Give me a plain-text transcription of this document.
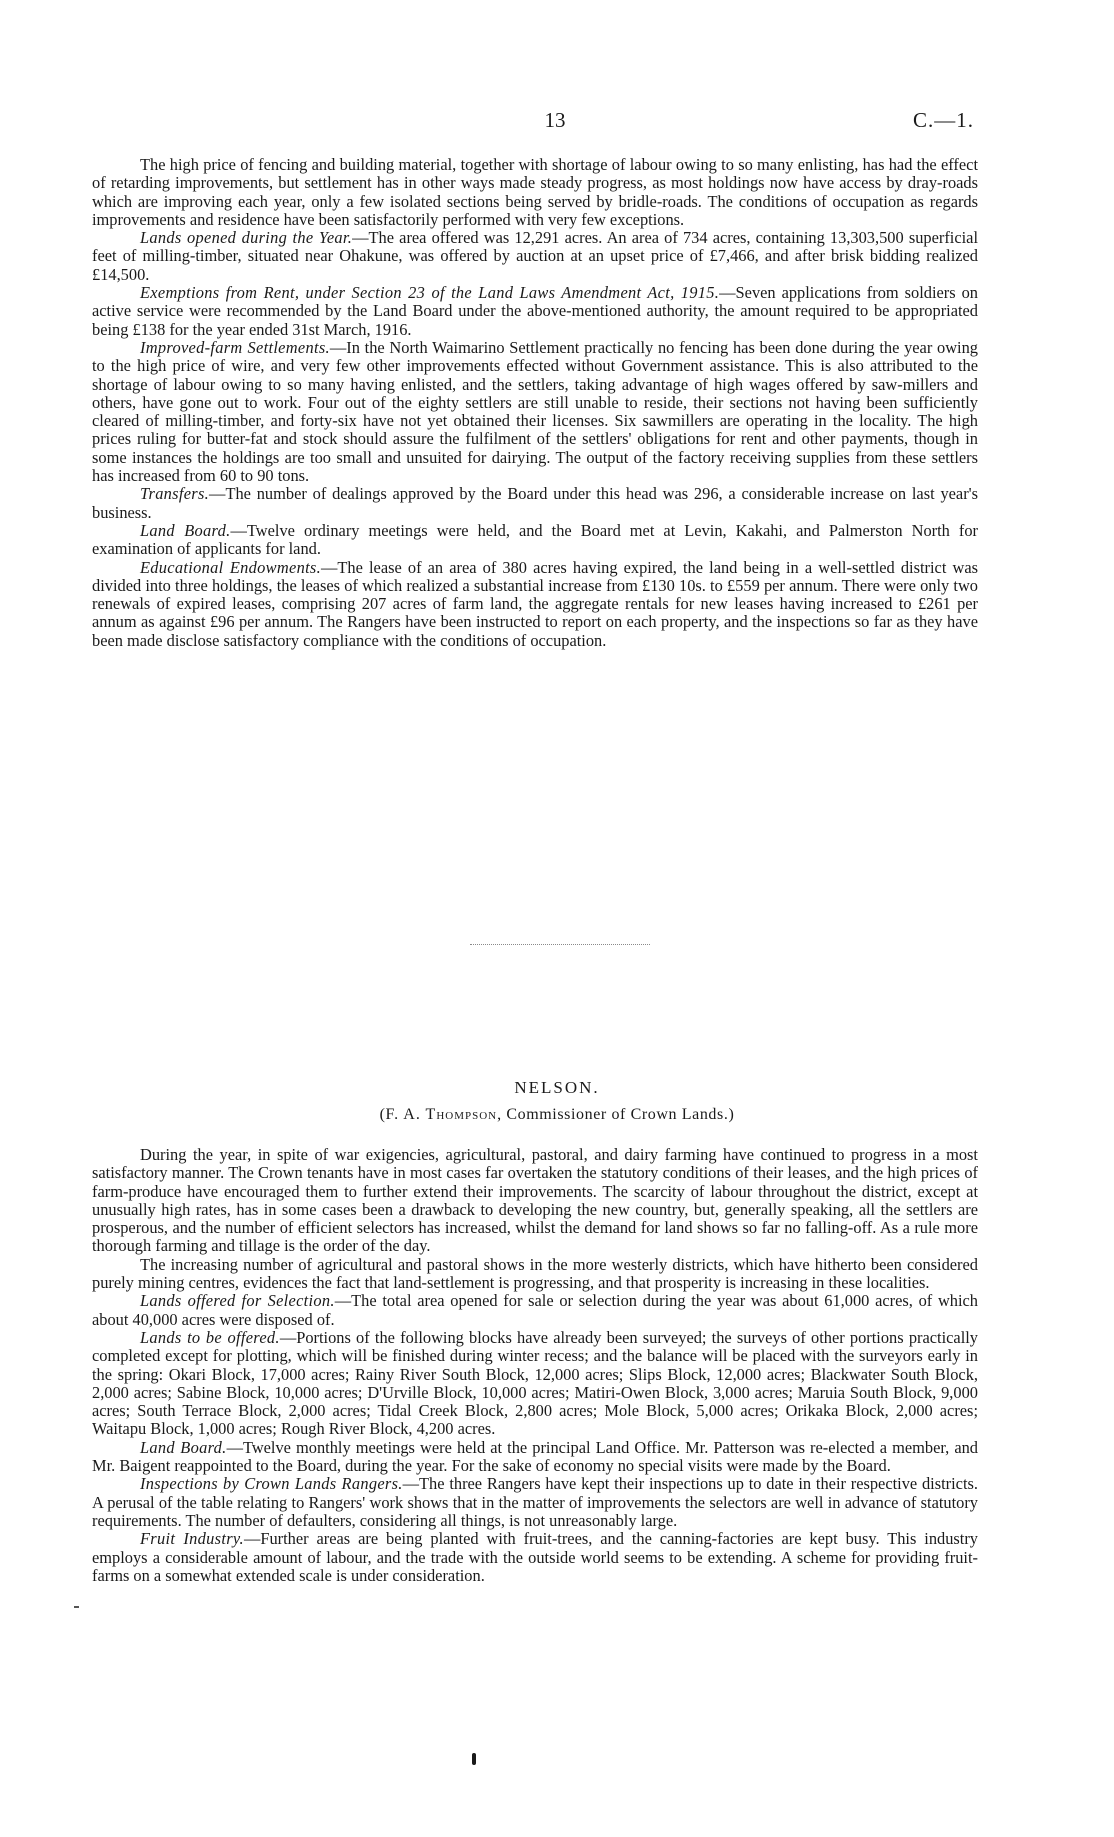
13	C.—1.

The high price of fencing and building material, together with shortage of labour owing to so many enlisting, has had the effect of retarding improvements, but settlement has in other ways made steady progress, as most holdings now have access by dray-roads which are improving each year, only a few isolated sections being served by bridle-roads. The conditions of occupation as regards improvements and residence have been satisfactorily performed with very few exceptions.

Lands opened during the Year.—The area offered was 12,291 acres. An area of 734 acres, containing 13,303,500 superficial feet of milling-timber, situated near Ohakune, was offered by auction at an upset price of £7,466, and after brisk bidding realized £14,500.

Exemptions from Rent, under Section 23 of the Land Laws Amendment Act, 1915.—Seven applications from soldiers on active service were recommended by the Land Board under the above-mentioned authority, the amount required to be appropriated being £138 for the year ended 31st March, 1916.

Improved-farm Settlements.—In the North Waimarino Settlement practically no fencing has been done during the year owing to the high price of wire, and very few other improvements effected without Government assistance. This is also attributed to the shortage of labour owing to so many having enlisted, and the settlers, taking advantage of high wages offered by saw-millers and others, have gone out to work. Four out of the eighty settlers are still unable to reside, their sections not having been sufficiently cleared of milling-timber, and forty-six have not yet obtained their licenses. Six sawmillers are operating in the locality. The high prices ruling for butter-fat and stock should assure the fulfilment of the settlers' obligations for rent and other payments, though in some instances the holdings are too small and unsuited for dairying. The output of the factory receiving supplies from these settlers has increased from 60 to 90 tons.

Transfers.—The number of dealings approved by the Board under this head was 296, a considerable increase on last year's business.

Land Board.—Twelve ordinary meetings were held, and the Board met at Levin, Kakahi, and Palmerston North for examination of applicants for land.

Educational Endowments.—The lease of an area of 380 acres having expired, the land being in a well-settled district was divided into three holdings, the leases of which realized a substantial increase from £130 10s. to £559 per annum. There were only two renewals of expired leases, comprising 207 acres of farm land, the aggregate rentals for new leases having increased to £261 per annum as against £96 per annum. The Rangers have been instructed to report on each property, and the inspections so far as they have been made disclose satisfactory compliance with the conditions of occupation.

NELSON.
(F. A. Thompson, Commissioner of Crown Lands.)

During the year, in spite of war exigencies, agricultural, pastoral, and dairy farming have continued to progress in a most satisfactory manner. The Crown tenants have in most cases far overtaken the statutory conditions of their leases, and the high prices of farm-produce have encouraged them to further extend their improvements. The scarcity of labour throughout the district, except at unusually high rates, has in some cases been a drawback to developing the new country, but, generally speaking, all the settlers are prosperous, and the number of efficient selectors has increased, whilst the demand for land shows so far no falling-off. As a rule more thorough farming and tillage is the order of the day.

The increasing number of agricultural and pastoral shows in the more westerly districts, which have hitherto been considered purely mining centres, evidences the fact that land-settlement is progressing, and that prosperity is increasing in these localities.

Lands offered for Selection.—The total area opened for sale or selection during the year was about 61,000 acres, of which about 40,000 acres were disposed of.

Lands to be offered.—Portions of the following blocks have already been surveyed; the surveys of other portions practically completed except for plotting, which will be finished during winter recess; and the balance will be placed with the surveyors early in the spring: Okari Block, 17,000 acres; Rainy River South Block, 12,000 acres; Slips Block, 12,000 acres; Blackwater South Block, 2,000 acres; Sabine Block, 10,000 acres; D'Urville Block, 10,000 acres; Matiri-Owen Block, 3,000 acres; Maruia South Block, 9,000 acres; South Terrace Block, 2,000 acres; Tidal Creek Block, 2,800 acres; Mole Block, 5,000 acres; Orikaka Block, 2,000 acres; Waitapu Block, 1,000 acres; Rough River Block, 4,200 acres.

Land Board.—Twelve monthly meetings were held at the principal Land Office. Mr. Patterson was re-elected a member, and Mr. Baigent reappointed to the Board, during the year. For the sake of economy no special visits were made by the Board.

Inspections by Crown Lands Rangers.—The three Rangers have kept their inspections up to date in their respective districts. A perusal of the table relating to Rangers' work shows that in the matter of improvements the selectors are well in advance of statutory requirements. The number of defaulters, considering all things, is not unreasonably large.

Fruit Industry.—Further areas are being planted with fruit-trees, and the canning-factories are kept busy. This industry employs a considerable amount of labour, and the trade with the outside world seems to be extending. A scheme for providing fruit-farms on a somewhat extended scale is under consideration.
